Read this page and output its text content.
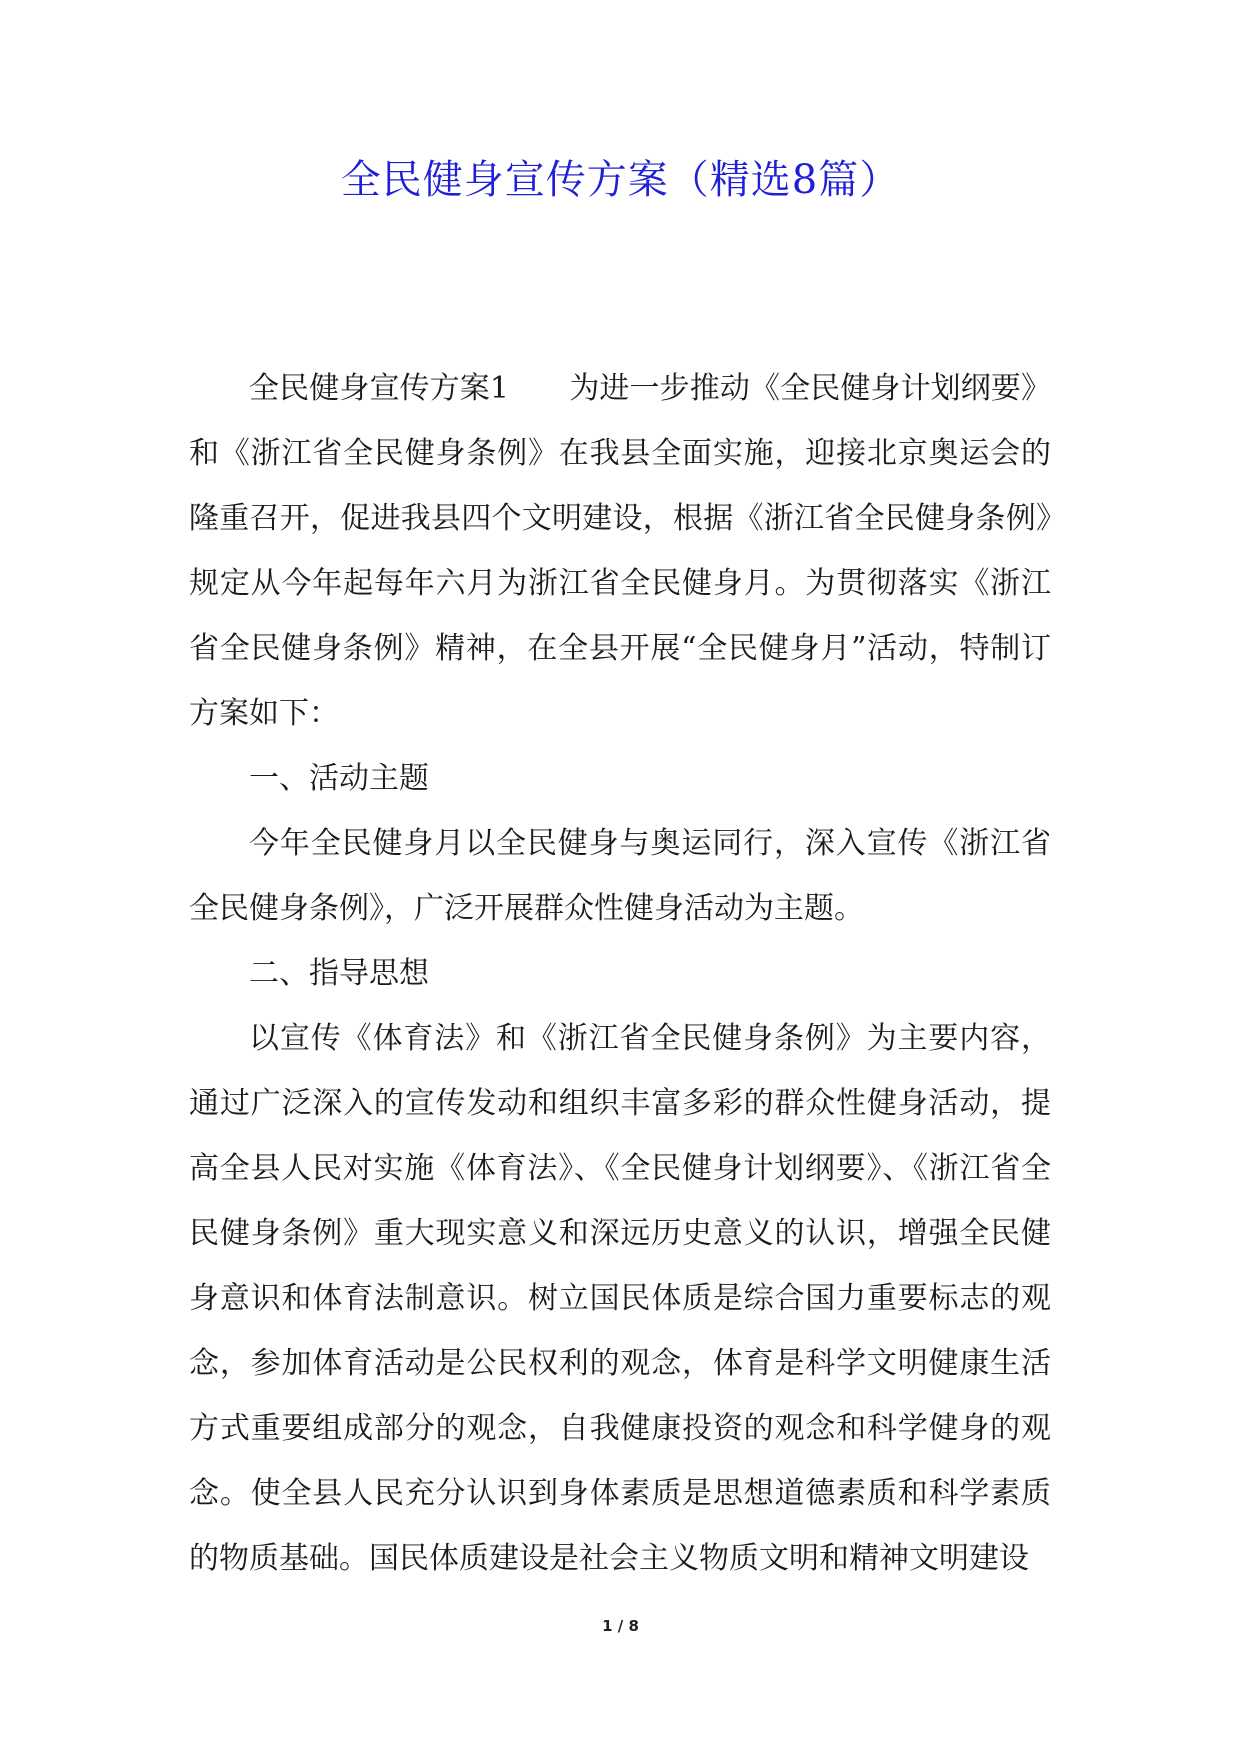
全民健身宣传方案（精选8篇）

全民健身宣传方案1　　为进一步推动《全民健身计划纲要》和《浙江省全民健身条例》在我县全面实施，迎接北京奥运会的隆重召开，促进我县四个文明建设，根据《浙江省全民健身条例》规定从今年起每年六月为浙江省全民健身月。为贯彻落实《浙江省全民健身条例》精神，在全县开展“全民健身月”活动，特制订方案如下：

一、活动主题

今年全民健身月以全民健身与奥运同行，深入宣传《浙江省全民健身条例》，广泛开展群众性健身活动为主题。

二、指导思想

以宣传《体育法》和《浙江省全民健身条例》为主要内容，通过广泛深入的宣传发动和组织丰富多彩的群众性健身活动，提高全县人民对实施《体育法》、《全民健身计划纲要》、《浙江省全民健身条例》重大现实意义和深远历史意义的认识，增强全民健身意识和体育法制意识。树立国民体质是综合国力重要标志的观念，参加体育活动是公民权利的观念，体育是科学文明健康生活方式重要组成部分的观念，自我健康投资的观念和科学健身的观念。使全县人民充分认识到身体素质是思想道德素质和科学素质的物质基础。国民体质建设是社会主义物质文明和精神文明建设

1 / 8
